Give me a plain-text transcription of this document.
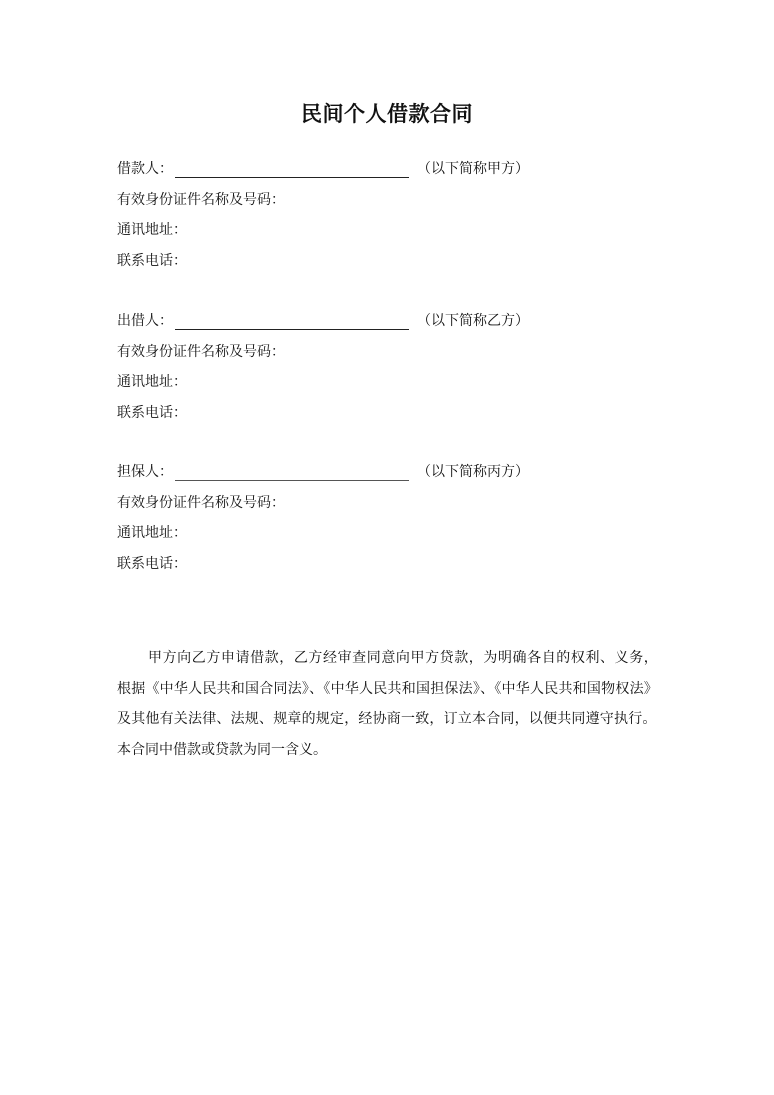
民间个人借款合同
借款人：	（以下简称甲方）
有效身份证件名称及号码：
通讯地址：
联系电话：
出借人：	（以下简称乙方）
有效身份证件名称及号码：
通讯地址：
联系电话：
担保人：	（以下简称丙方）
有效身份证件名称及号码：
通讯地址：
联系电话：

甲方向乙方申请借款，乙方经审查同意向甲方贷款，为明确各自的权利、义务，根据《中华人民共和国合同法》、《中华人民共和国担保法》、《中华人民共和国物权法》及其他有关法律、法规、规章的规定，经协商一致，订立本合同，以便共同遵守执行。

本合同中借款或贷款为同一含义。
